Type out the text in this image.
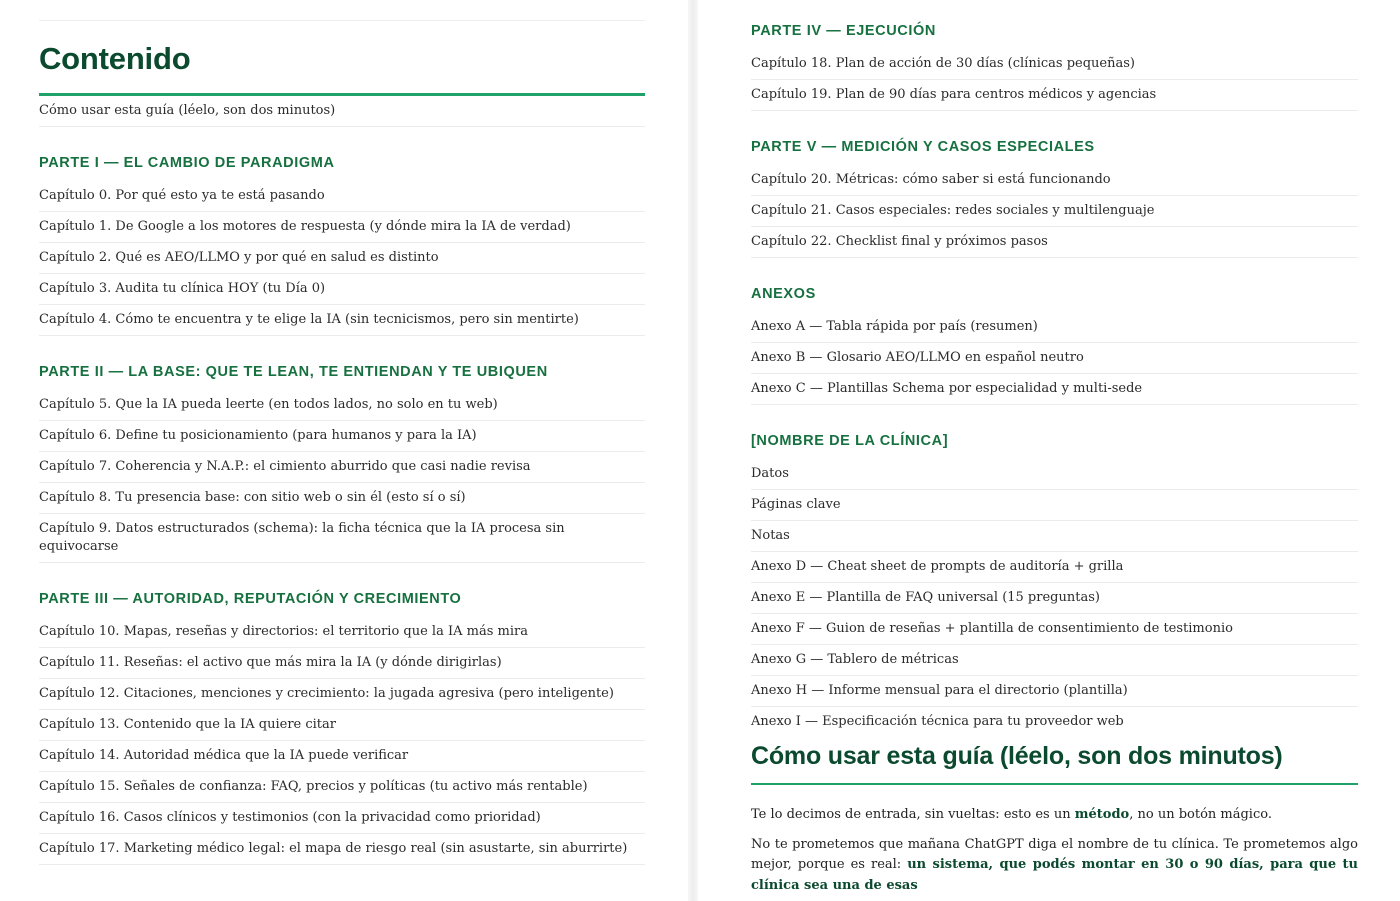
Contenido
Cómo usar esta guía (léelo, son dos minutos)
PARTE I — EL CAMBIO DE PARADIGMA
Capítulo 0. Por qué esto ya te está pasando
Capítulo 1. De Google a los motores de respuesta (y dónde mira la IA de verdad)
Capítulo 2. Qué es AEO/LLMO y por qué en salud es distinto
Capítulo 3. Audita tu clínica HOY (tu Día 0)
Capítulo 4. Cómo te encuentra y te elige la IA (sin tecnicismos, pero sin mentirte)
PARTE II — LA BASE: QUE TE LEAN, TE ENTIENDAN Y TE UBIQUEN
Capítulo 5. Que la IA pueda leerte (en todos lados, no solo en tu web)
Capítulo 6. Define tu posicionamiento (para humanos y para la IA)
Capítulo 7. Coherencia y N.A.P.: el cimiento aburrido que casi nadie revisa
Capítulo 8. Tu presencia base: con sitio web o sin él (esto sí o sí)
Capítulo 9. Datos estructurados (schema): la ficha técnica que la IA procesa sin equivocarse
PARTE III — AUTORIDAD, REPUTACIÓN Y CRECIMIENTO
Capítulo 10. Mapas, reseñas y directorios: el territorio que la IA más mira
Capítulo 11. Reseñas: el activo que más mira la IA (y dónde dirigirlas)
Capítulo 12. Citaciones, menciones y crecimiento: la jugada agresiva (pero inteligente)
Capítulo 13. Contenido que la IA quiere citar
Capítulo 14. Autoridad médica que la IA puede verificar
Capítulo 15. Señales de confianza: FAQ, precios y políticas (tu activo más rentable)
Capítulo 16. Casos clínicos y testimonios (con la privacidad como prioridad)
Capítulo 17. Marketing médico legal: el mapa de riesgo real (sin asustarte, sin aburrirte)
PARTE IV — EJECUCIÓN
Capítulo 18. Plan de acción de 30 días (clínicas pequeñas)
Capítulo 19. Plan de 90 días para centros médicos y agencias
PARTE V — MEDICIÓN Y CASOS ESPECIALES
Capítulo 20. Métricas: cómo saber si está funcionando
Capítulo 21. Casos especiales: redes sociales y multilenguaje
Capítulo 22. Checklist final y próximos pasos
ANEXOS
Anexo A — Tabla rápida por país (resumen)
Anexo B — Glosario AEO/LLMO en español neutro
Anexo C — Plantillas Schema por especialidad y multi-sede
[NOMBRE DE LA CLÍNICA]
Datos
Páginas clave
Notas
Anexo D — Cheat sheet de prompts de auditoría + grilla
Anexo E — Plantilla de FAQ universal (15 preguntas)
Anexo F — Guion de reseñas + plantilla de consentimiento de testimonio
Anexo G — Tablero de métricas
Anexo H — Informe mensual para el directorio (plantilla)
Anexo I — Especificación técnica para tu proveedor web
Cómo usar esta guía (léelo, son dos minutos)

Te lo decimos de entrada, sin vueltas: esto es un método, no un botón mágico.

No te prometemos que mañana ChatGPT diga el nombre de tu clínica. Te prometemos algo mejor, porque es real: un sistema, que podés montar en 30 o 90 días, para que tu clínica sea una de esas
